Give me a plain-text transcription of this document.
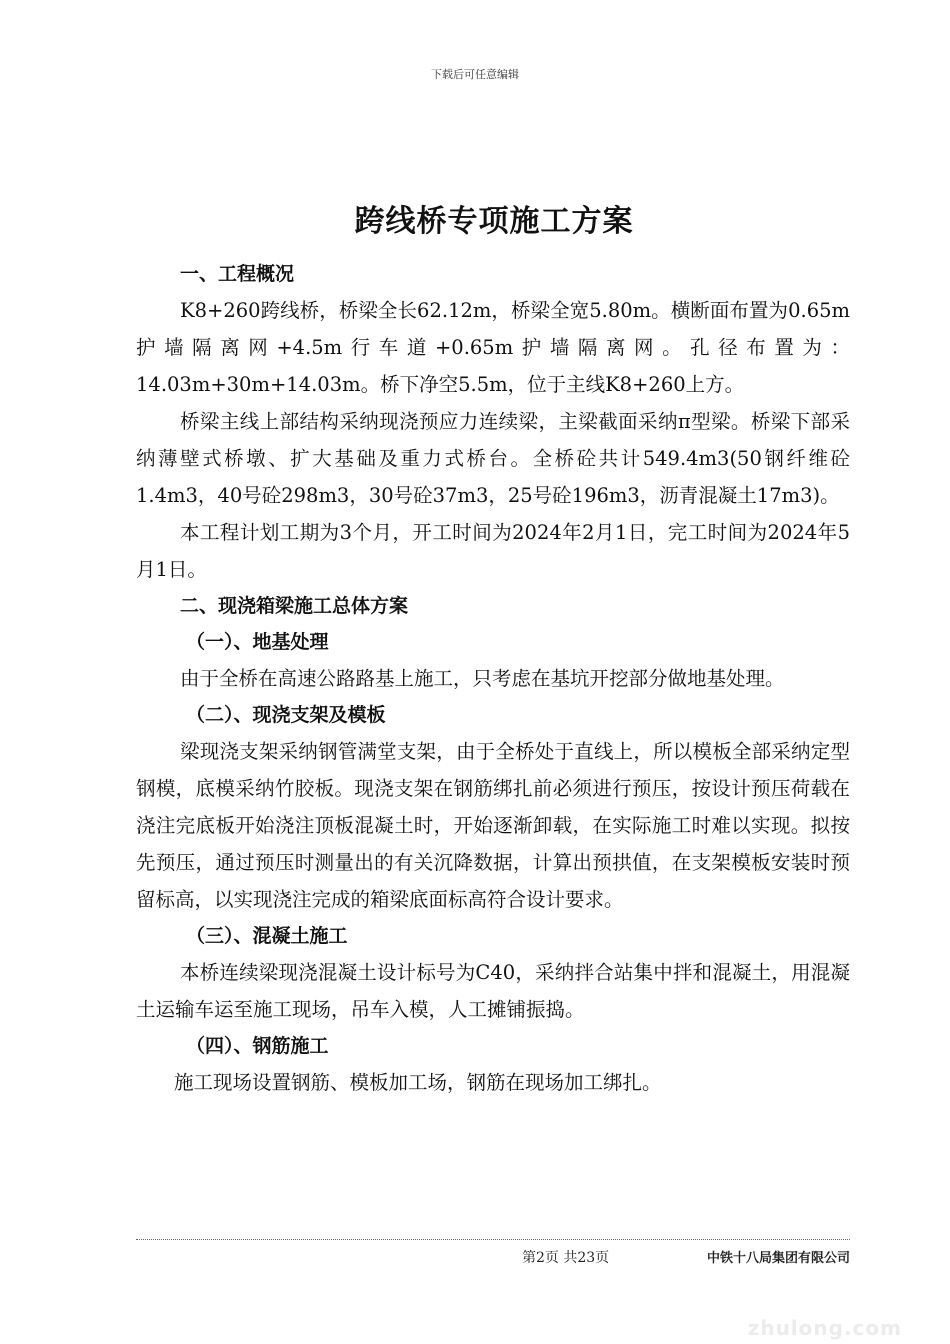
下载后可任意编辑
跨线桥专项施工方案

一、工程概况

K8+260跨线桥，桥梁全长62.12m，桥梁全宽5.80m。横断面布置为0.65m护墙隔离网+4.5m行车道+0.65m护墙隔离网。孔径布置为：14.03m+30m+14.03m。桥下净空5.5m，位于主线K8+260上方。

桥梁主线上部结构采纳现浇预应力连续梁，主梁截面采纳π型梁。桥梁下部采纳薄壁式桥墩、扩大基础及重力式桥台。全桥砼共计549.4m3(50钢纤维砼1.4m3，40号砼298m3，30号砼37m3，25号砼196m3，沥青混凝土17m3)。

本工程计划工期为3个月，开工时间为2024年2月1日，完工时间为2024年5月1日。

二、现浇箱梁施工总体方案

（一）、地基处理

由于全桥在高速公路路基上施工，只考虑在基坑开挖部分做地基处理。

（二）、现浇支架及模板

梁现浇支架采纳钢管满堂支架，由于全桥处于直线上，所以模板全部采纳定型钢模，底模采纳竹胶板。现浇支架在钢筋绑扎前必须进行预压，按设计预压荷载在浇注完底板开始浇注顶板混凝土时，开始逐渐卸载，在实际施工时难以实现。拟按先预压，通过预压时测量出的有关沉降数据，计算出预拱值，在支架模板安装时预留标高，以实现浇注完成的箱梁底面标高符合设计要求。

（三）、混凝土施工

本桥连续梁现浇混凝土设计标号为C40，采纳拌合站集中拌和混凝土，用混凝土运输车运至施工现场，吊车入模，人工摊铺振捣。

（四）、钢筋施工

施工现场设置钢筋、模板加工场，钢筋在现场加工绑扎。

第2页 共23页	中铁十八局集团有限公司
zhulong.com
